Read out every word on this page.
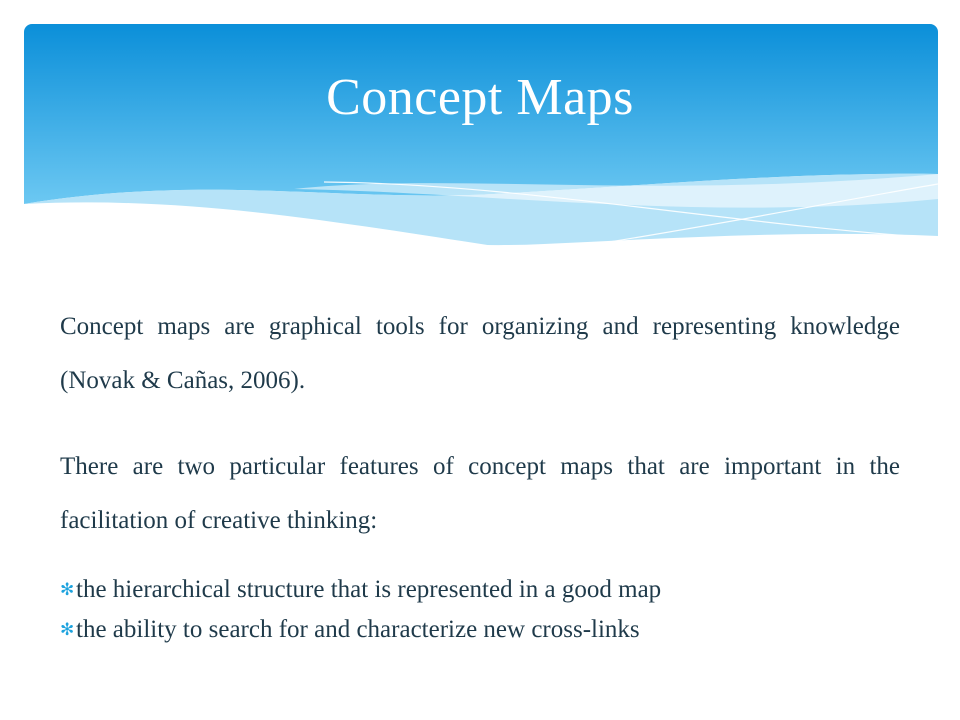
Concept Maps
Concept maps are graphical tools for organizing and representing knowledge (Novak & Cañas, 2006).
There are two particular features of concept maps that are important in the facilitation of creative thinking:
✻the hierarchical structure that is represented in a good map
✻the ability to search for and characterize new cross-links
